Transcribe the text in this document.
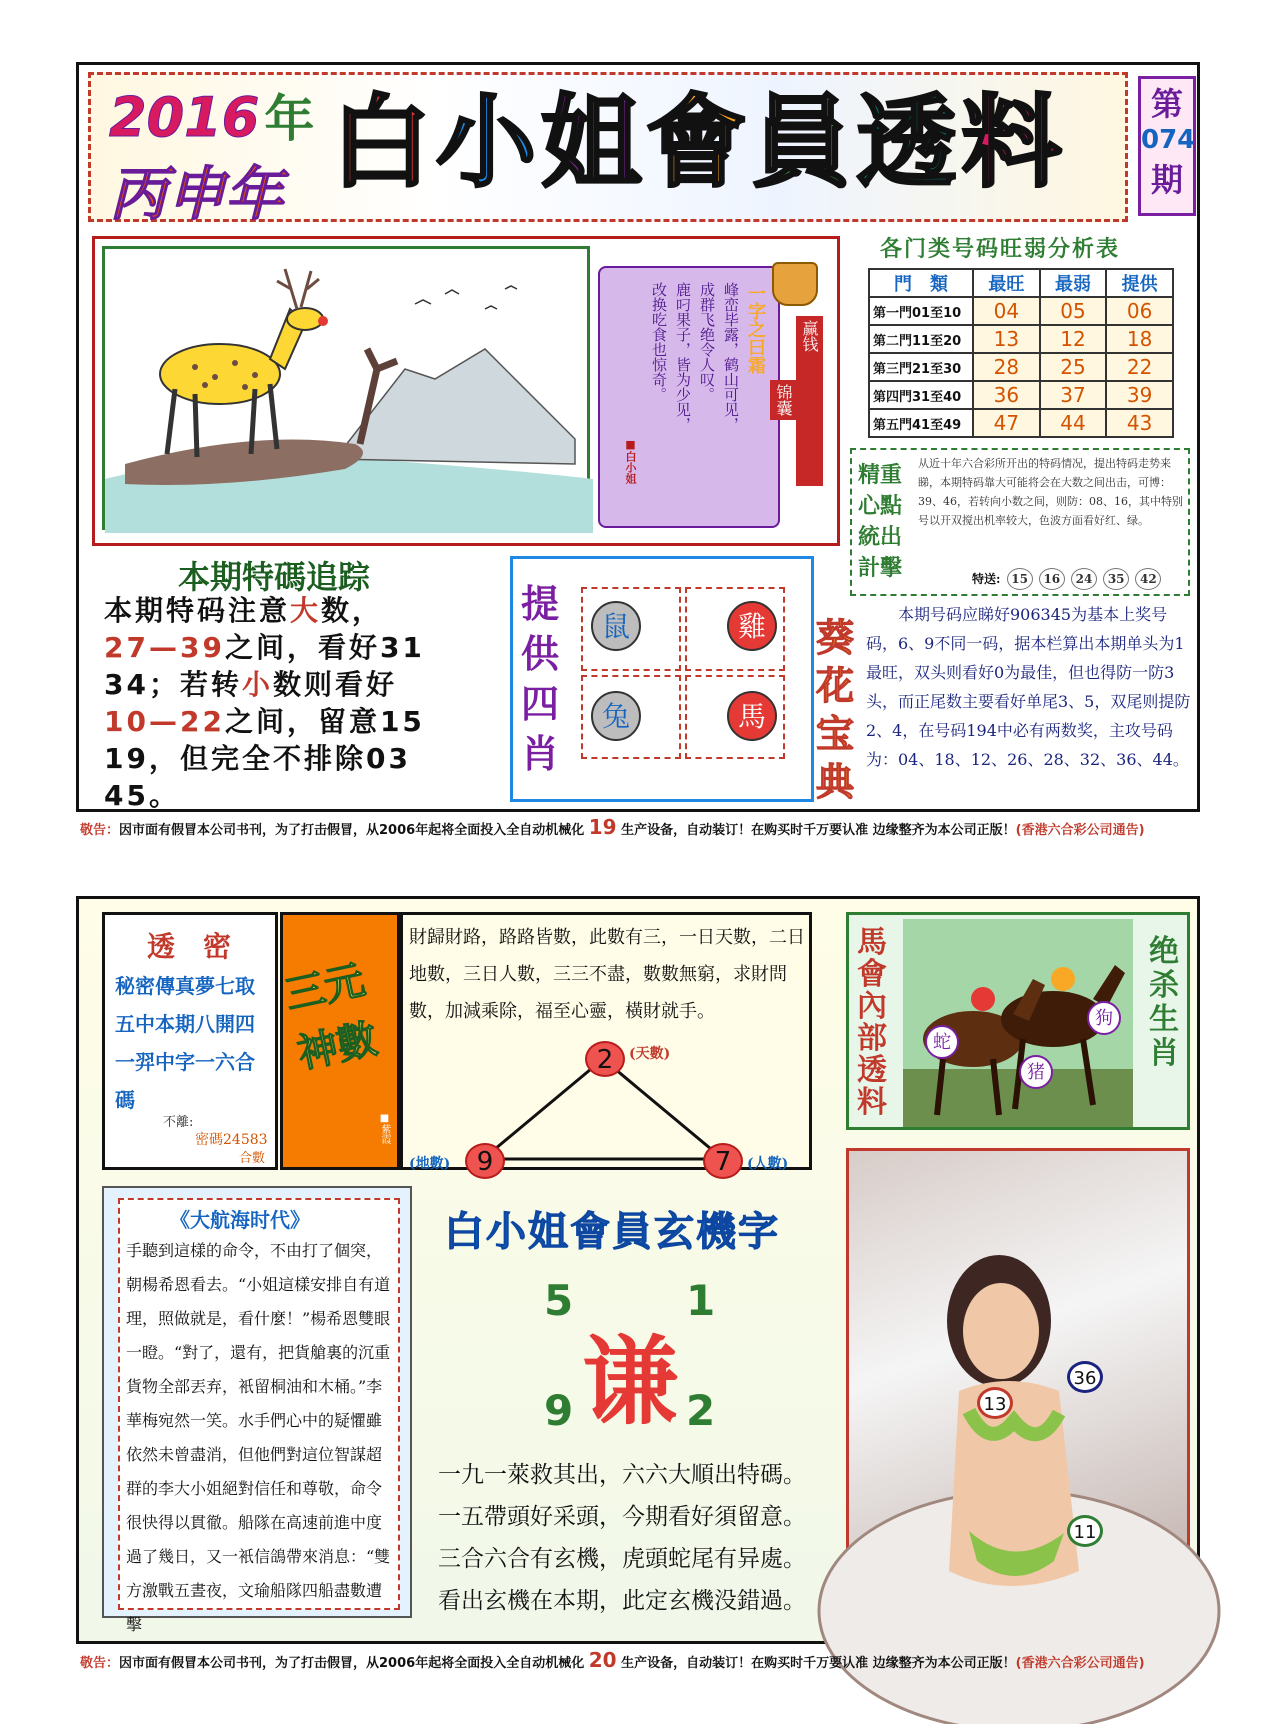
2016 年
丙申年 白 小 姐 會 員 透 料	第
074
期
一字之曰霜
峰峦毕露，鹤山可见，
成群飞绝令人叹。
鹿叼果子，皆为少见，
改换吃食也惊奇。
■白小姐
锦囊
赢钱
各门类号码旺弱分析表
門　類	最旺	最弱	提供
第一門01至10	04	05	06
第二門11至20	13	12	18
第三門21至30	28	25	22
第四門31至40	36	37	39
第五門41至49	47	44	43
精重心點統出計擊
从近十年六合彩所开出的特码情况，提出特码走势来睇，本期特码靠大可能将会在大数之间出击，可博：39、46，若转向小数之间，则防：08、16，其中特别号以开双搅出机率较大，色波方面看好红、绿。
特送: 15 16 24 35 42
本期特碼追踪
本期特码注意大数，
27—39之间，看好31
34；若转小数则看好
10—22之间，留意15
19，但完全不排除03
45。
提供四肖
鼠	雞
兔	馬
葵花宝典
本期号码应睇好906345为基本上奖号码，6、9不同一码，据本栏算出本期单头为1最旺，双头则看好0为最佳，但也得防一防3头，而正尾数主要看好单尾3、5，双尾则提防2、4，在号码194中必有两数奖，主攻号码为：04、18、12、26、28、32、36、44。
敬告：因市面有假冒本公司书刊，为了打击假冒，从2006年起将全面投入全自动机械化 19 生产设备，自动装订！在购买时千万要认准 边缘整齐为本公司正版！(香港六合彩公司通告)
透　密
秘密傳真夢七取
五中本期八開四
一羿中字一六合
碼
不離:
密碼24583
合數
三元神數
■紫霞
財歸財路，路路皆數，此數有三，一日天數，二日地數，三日人數，三三不盡，數數無窮，求財問數，加減乘除，福至心靈，橫財就手。
2	(天數)
9
(地數)	7	(人數)
馬會內部透料
绝杀生肖
蛇
狗
猪
《大航海时代》
手聽到這樣的命令，不由打了個突，朝楊希恩看去。“小姐這樣安排自有道理，照做就是，看什麼！”楊希恩雙眼一瞪。“對了，還有，把貨艙裏的沉重貨物全部丟弃，衹留桐油和木桶。”李華梅宛然一笑。水手們心中的疑懼雖依然未曾盡消，但他們對這位智謀超群的李大小姐絕對信任和尊敬，命令很快得以貫徹。船隊在高速前進中度過了幾日，又一衹信鴿帶來消息：“雙方激戰五晝夜，文瑜船隊四船盡數遭擊
白小姐會員玄機字
5	1
谦
9	2
一九一萊救其出，六六大順出特碼。
一五帶頭好采頭，今期看好須留意。
三合六合有玄機，虎頭蛇尾有异處。
看出玄機在本期，此定玄機没錯過。
36
13
11
敬告：因市面有假冒本公司书刊，为了打击假冒，从2006年起将全面投入全自动机械化 20 生产设备，自动装订！在购买时千万要认准 边缘整齐为本公司正版！(香港六合彩公司通告)
